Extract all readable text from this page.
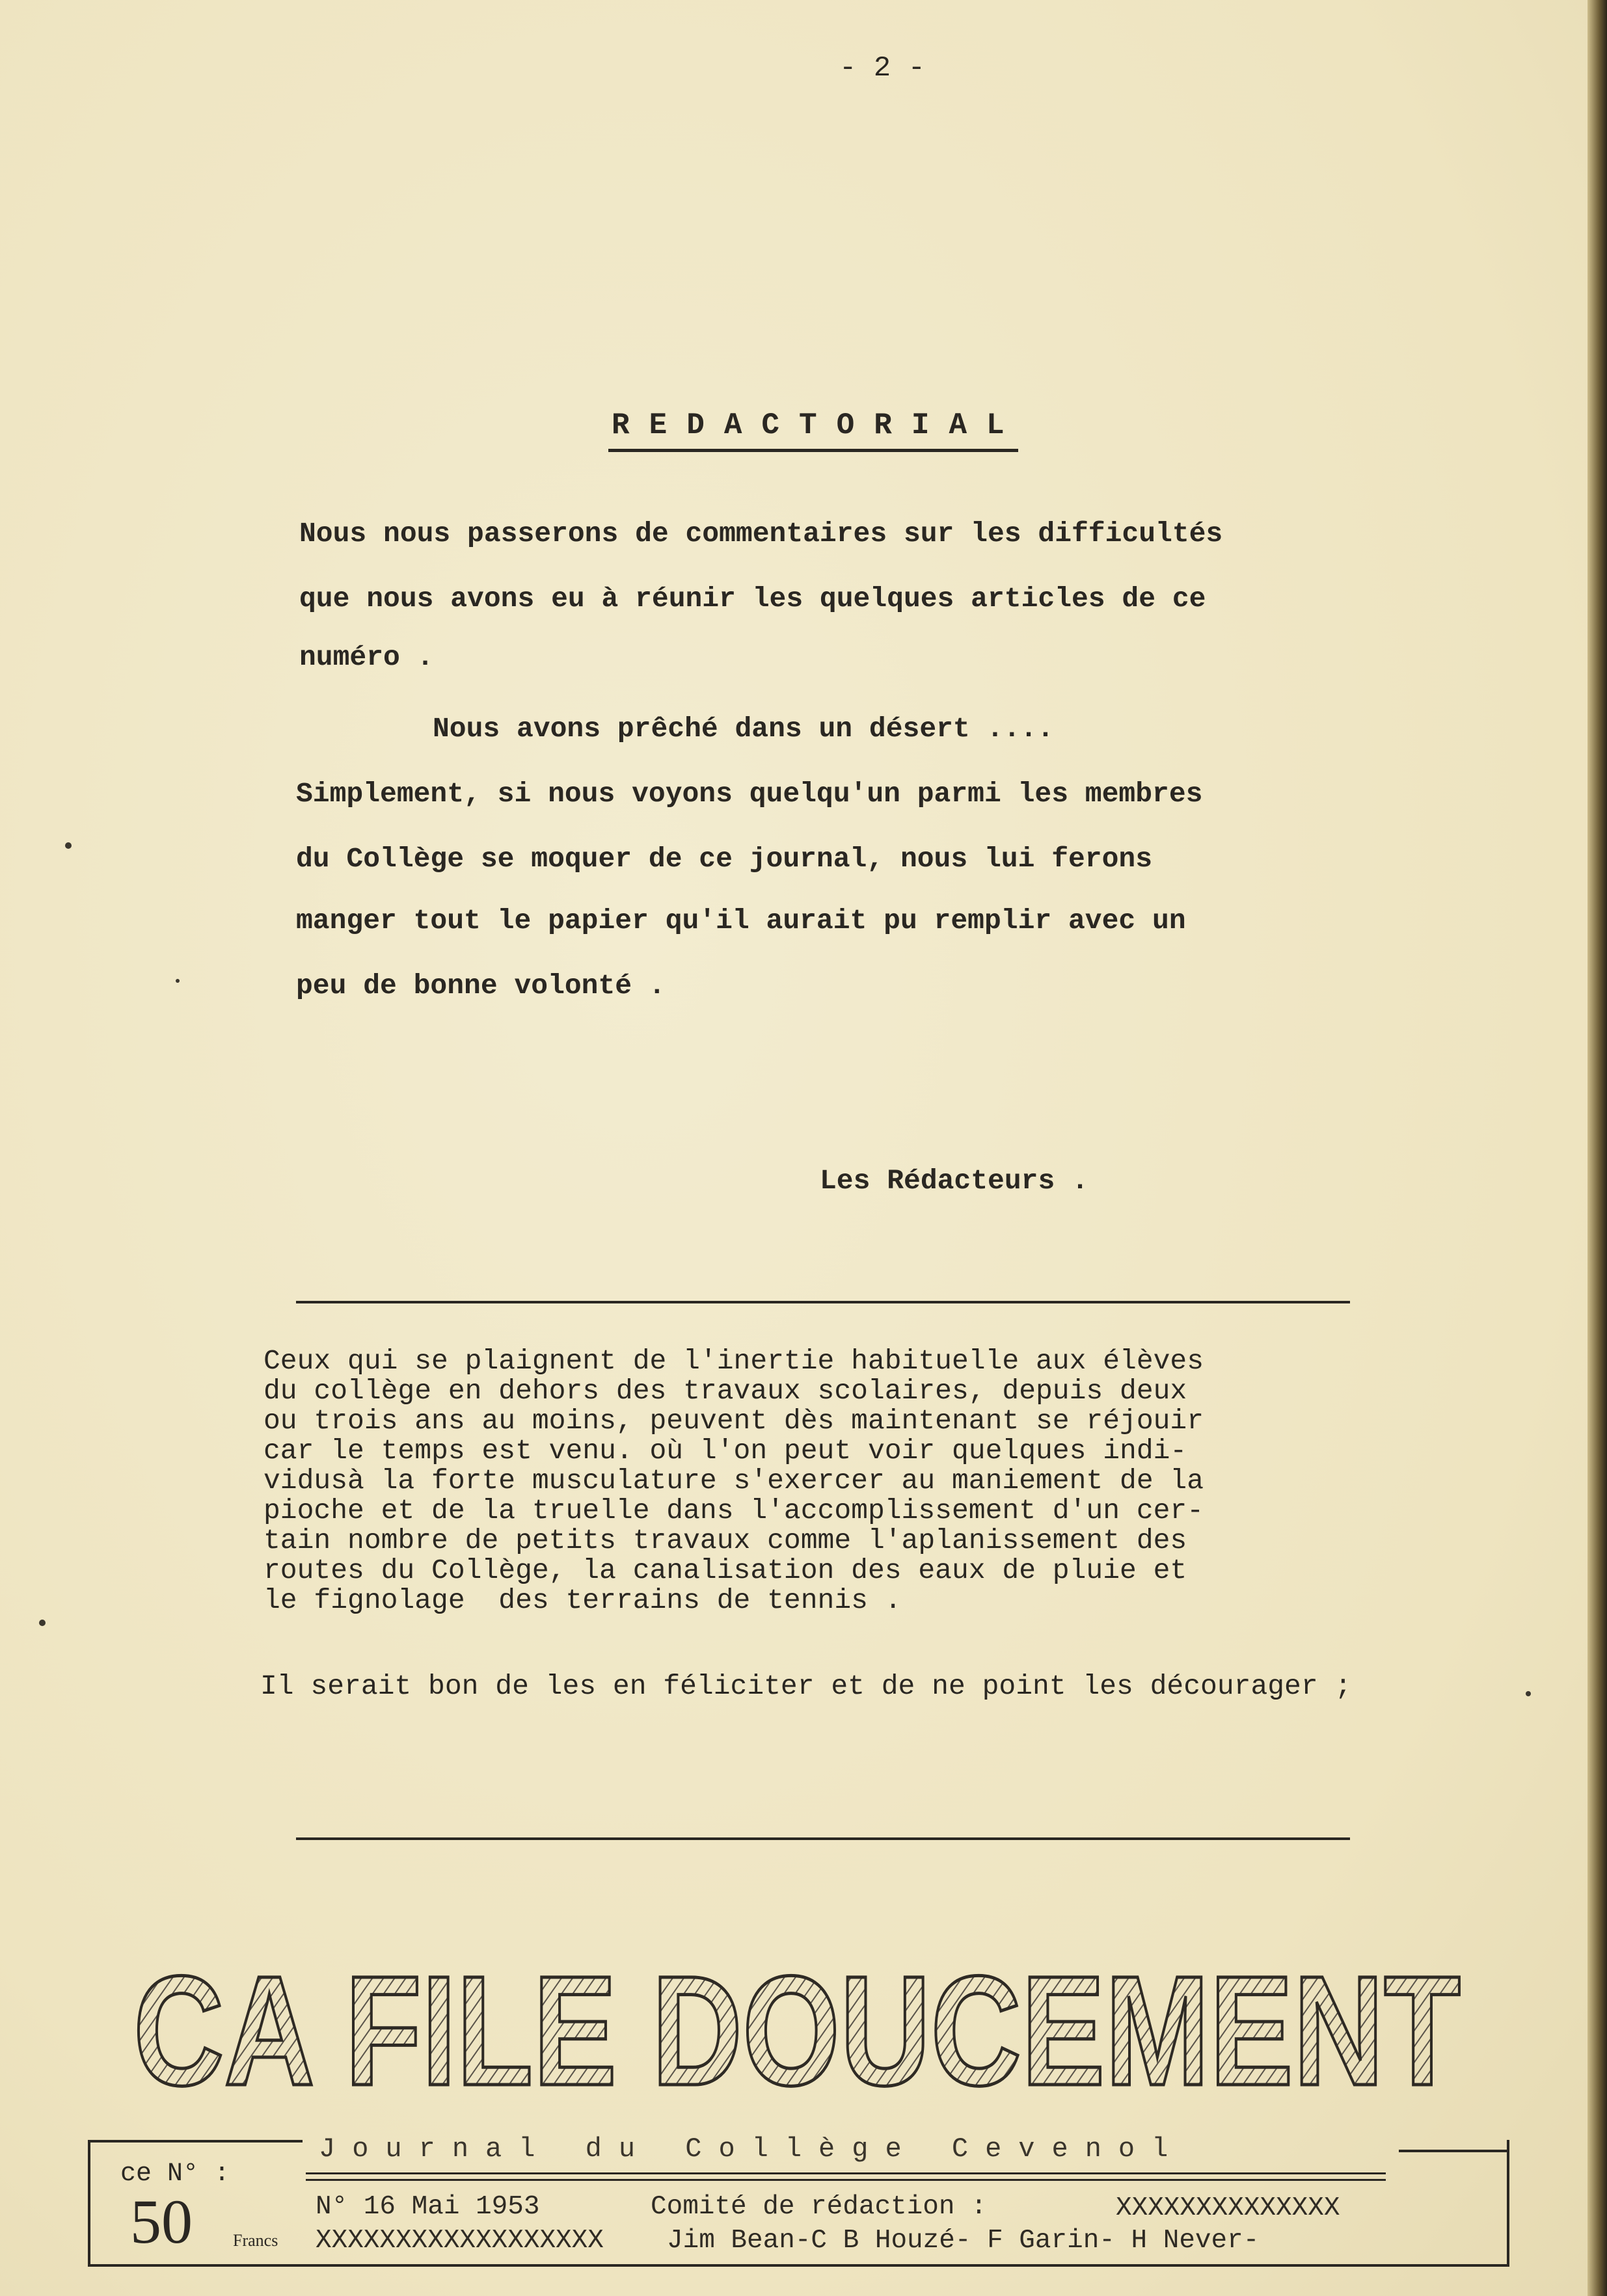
- 2 -
REDACTORIAL
Nous nous passerons de commentaires sur les difficultés
que nous avons eu à réunir les quelques articles de ce
numéro .
Nous avons prêché dans un désert ....
Simplement, si nous voyons quelqu'un parmi les membres
du Collège se moquer de ce journal, nous lui ferons
manger tout le papier qu'il aurait pu remplir avec un
peu de bonne volonté .
Les Rédacteurs .
Ceux qui se plaignent de l'inertie habituelle aux élèves
du collège en dehors des travaux scolaires, depuis deux
ou trois ans au moins, peuvent dès maintenant se réjouir
car le temps est venu. où l'on peut voir quelques indi-
vidusà la forte musculature s'exercer au maniement de la
pioche et de la truelle dans l'accomplissement d'un cer-
tain nombre de petits travaux comme l'aplanissement des
routes du Collège, la canalisation des eaux de pluie et
le fignolage  des terrains de tennis .
Il serait bon de les en féliciter et de ne point les décourager ;
CA FILE DOUCEMENT
Journal du Collège Cevenol
ce N° :
50 Francs
N° 16 Mai 1953	Comité de rédaction :	XXXXXXXXXXXXXX
XXXXXXXXXXXXXXXXXX Jim Bean-C B Houzé- F Garin- H Never-
